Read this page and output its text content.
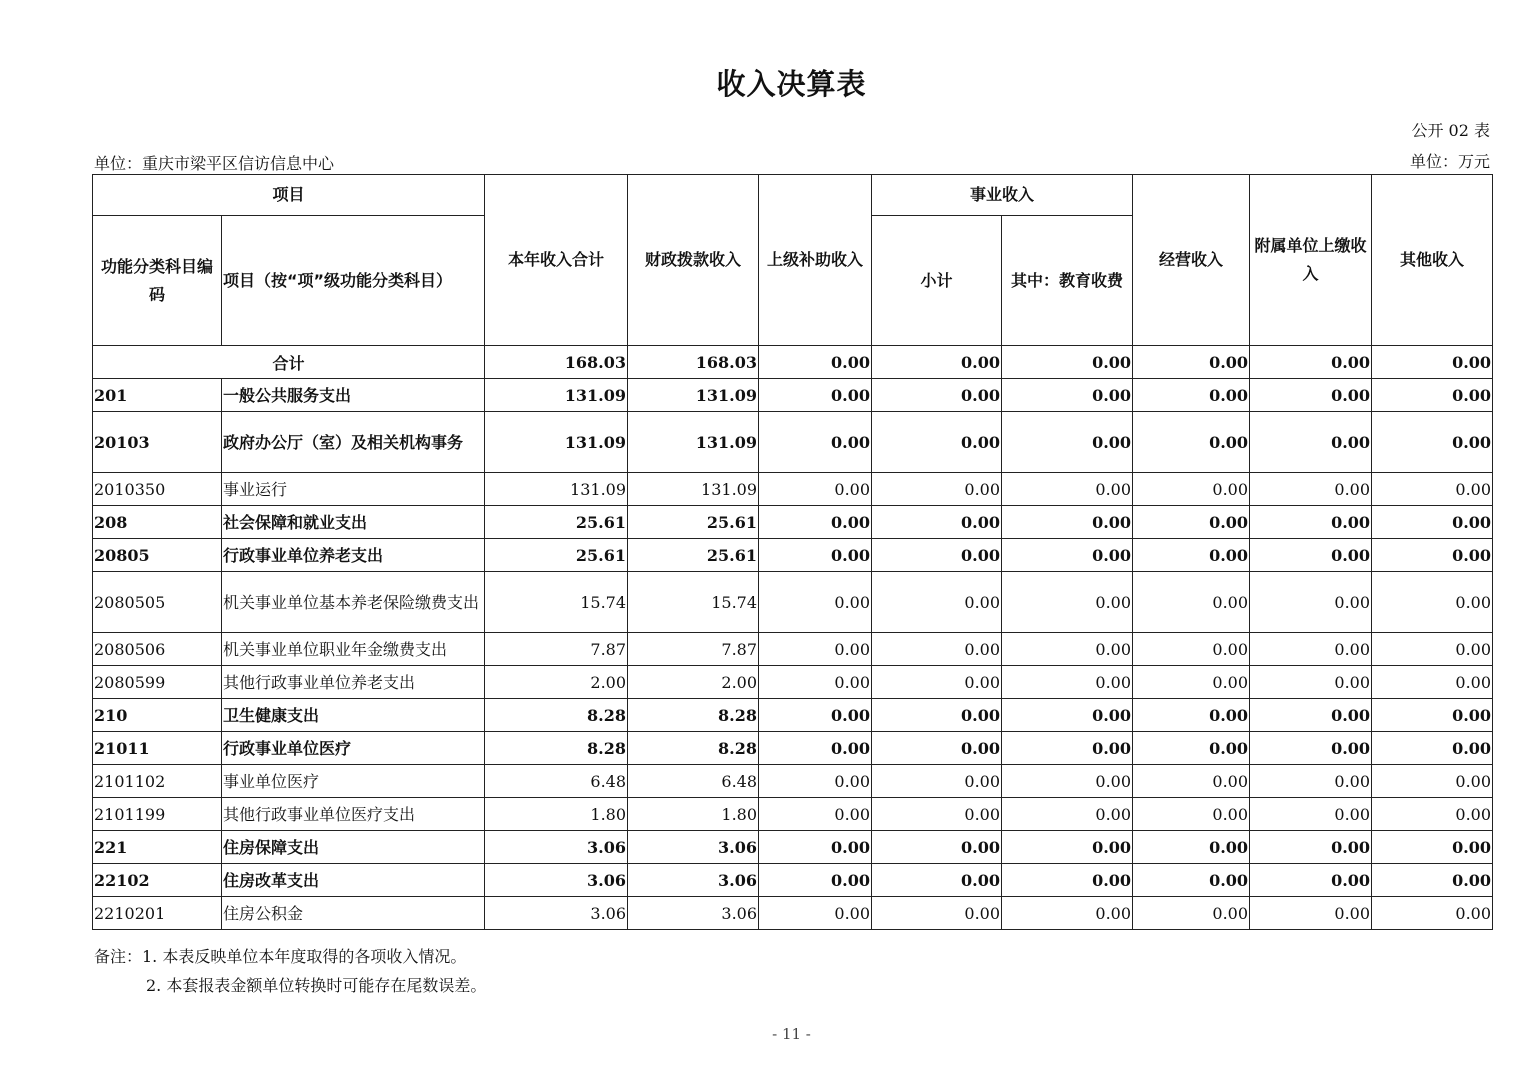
收入决算表
公开 02 表
单位：重庆市梁平区信访信息中心	单位：万元
项目		本年收入合计	财政拨款收入	上级补助收入	事业收入		经营收入	附属单位上缴收入	其他收入
功能分类科目编码	项目（按“项”级功能分类科目）				小计	其中：教育收费			
合计		168.03	168.03	0.00	0.00	0.00	0.00	0.00	0.00
201	一般公共服务支出	131.09	131.09	0.00	0.00	0.00	0.00	0.00	0.00
20103	政府办公厅（室）及相关机构事务	131.09	131.09	0.00	0.00	0.00	0.00	0.00	0.00
2010350	事业运行	131.09	131.09	0.00	0.00	0.00	0.00	0.00	0.00
208	社会保障和就业支出	25.61	25.61	0.00	0.00	0.00	0.00	0.00	0.00
20805	行政事业单位养老支出	25.61	25.61	0.00	0.00	0.00	0.00	0.00	0.00
2080505	机关事业单位基本养老保险缴费支出	15.74	15.74	0.00	0.00	0.00	0.00	0.00	0.00
2080506	机关事业单位职业年金缴费支出	7.87	7.87	0.00	0.00	0.00	0.00	0.00	0.00
2080599	其他行政事业单位养老支出	2.00	2.00	0.00	0.00	0.00	0.00	0.00	0.00
210	卫生健康支出	8.28	8.28	0.00	0.00	0.00	0.00	0.00	0.00
21011	行政事业单位医疗	8.28	8.28	0.00	0.00	0.00	0.00	0.00	0.00
2101102	事业单位医疗	6.48	6.48	0.00	0.00	0.00	0.00	0.00	0.00
2101199	其他行政事业单位医疗支出	1.80	1.80	0.00	0.00	0.00	0.00	0.00	0.00
221	住房保障支出	3.06	3.06	0.00	0.00	0.00	0.00	0.00	0.00
22102	住房改革支出	3.06	3.06	0.00	0.00	0.00	0.00	0.00	0.00
2210201	住房公积金	3.06	3.06	0.00	0.00	0.00	0.00	0.00	0.00
备注：1. 本表反映单位本年度取得的各项收入情况。
2. 本套报表金额单位转换时可能存在尾数误差。
- 11 -
